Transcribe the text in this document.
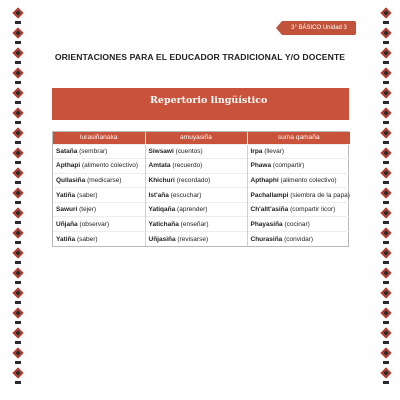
3° BÁSICO Unidad 3
ORIENTACIONES PARA EL EDUCADOR TRADICIONAL Y/O DOCENTE
Repertorio lingüístico
lurasiñanaka	amuyasiña	suma qamaña
Satañа (sembrar)	Siwsawi (cuentos)	Irpa (llevar)
Apthapi (alimento colectivo)	Amtata (recuerdo)	Phawa (compartir)
Qullasiña (medicarse)	Khichuri (recordado)	Apthaphi (alimento colectivo)
Yatiña (saber)	Ist'aña (escuchar)	Pachallampi (siembra de la papa)
Sawuri (tejer)	Yatiqaña (aprender)	Ch'allt'asiña (compartir licor)
Uñjaña (observar)	Yatichaña (enseñar)	Phayasiña (cocinar)
Yatiña (saber)	Uñjasiña (revisarse)	Churasiña (convidar)
